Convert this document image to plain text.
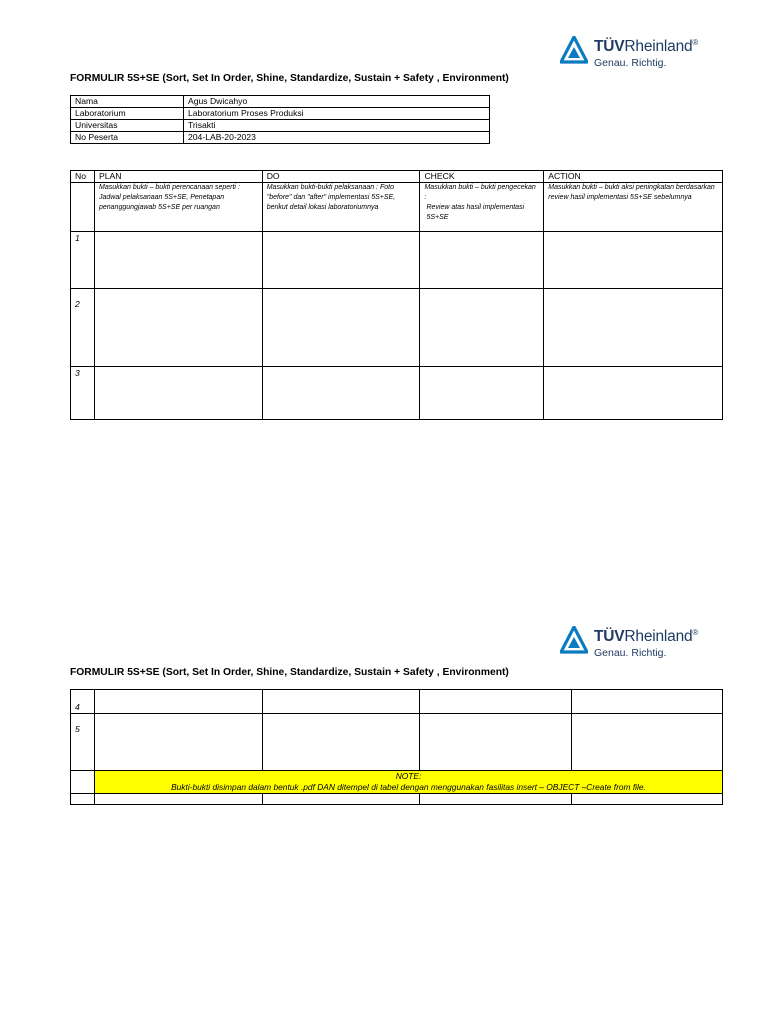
TÜVRheinland®
Genau. Richtig.
FORMULIR 5S+SE (Sort, Set In Order, Shine, Standardize, Sustain + Safety , Environment)
Nama	Agus Dwicahyo
Laboratorium	Laboratorium Proses Produksi
Universitas	Trisakti
No Peserta	204-LAB-20-2023
No	PLAN	DO	CHECK	ACTION
	Masukkan bukti – bukti perencanaan seperti : Jadwal pelaksanaan 5S+SE, Penetapan penanggungjawab 5S+SE per ruangan	Masukkan bukti-bukti pelaksanaan : Foto "before" dan "after" implementasi 5S+SE, berikut detail lokasi laboratoriumnya	Masukkan bukti – bukti pengecekan :
Review atas hasil implementasi 5S+SE	Masukkan bukti – bukti aksi peningkatan berdasarkan review hasil implementasi 5S+SE sebelumnya
1				
2				
3				
TÜVRheinland®
Genau. Richtig.
FORMULIR 5S+SE (Sort, Set In Order, Shine, Standardize, Sustain + Safety , Environment)
4				
5				

	NOTE:
Bukti-bukti disimpan dalam bentuk .pdf DAN ditempel di tabel dengan menggunakan fasilitas insert – OBJECT –Create from file.			
